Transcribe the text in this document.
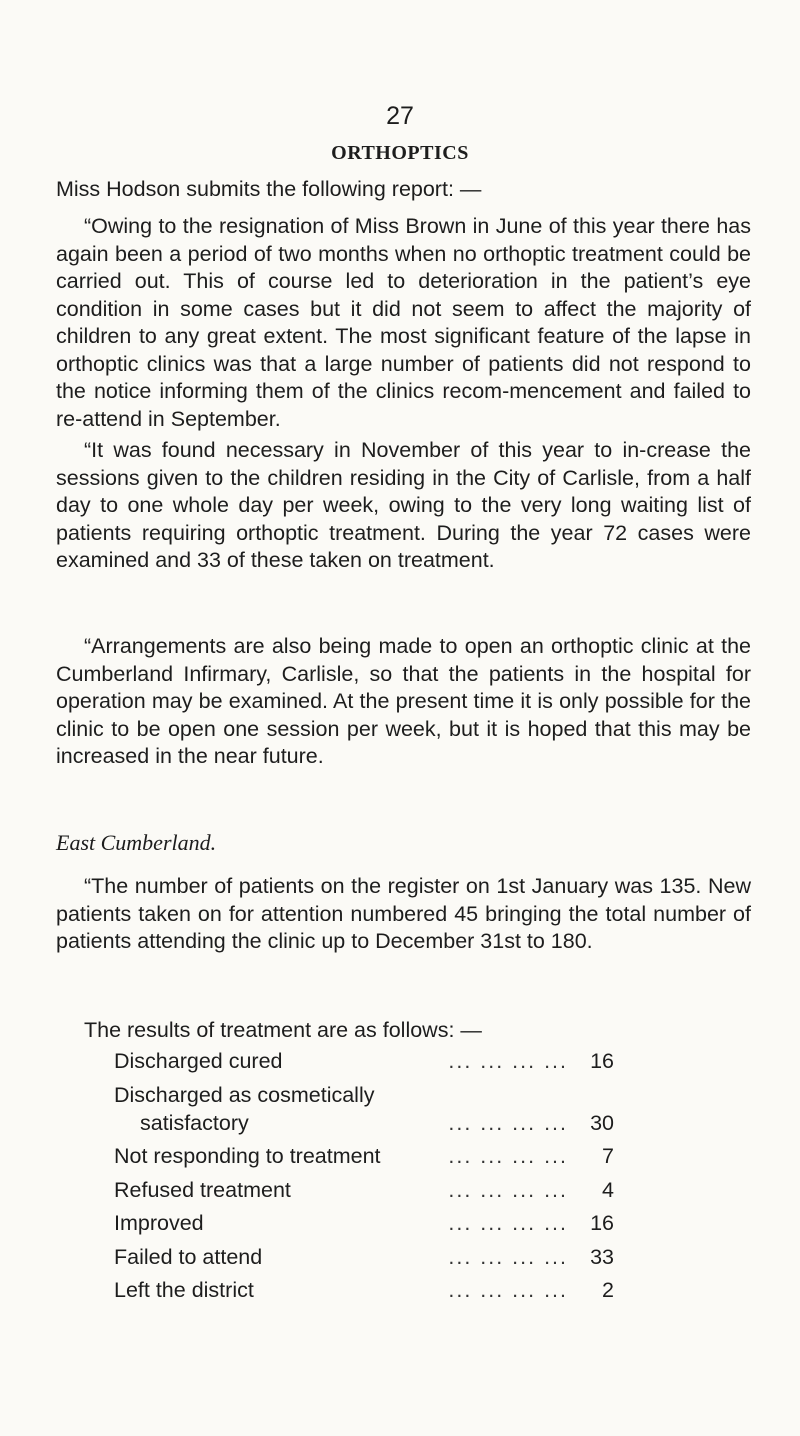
27
ORTHOPTICS
Miss Hodson submits the following report: —
“Owing to the resignation of Miss Brown in June of this year there has again been a period of two months when no orthoptic treatment could be carried out. This of course led to deterioration in the patient’s eye condition in some cases but it did not seem to affect the majority of children to any great extent. The most significant feature of the lapse in orthoptic clinics was that a large number of patients did not respond to the notice informing them of the clinics recom-mencement and failed to re-attend in September.
“It was found necessary in November of this year to in-crease the sessions given to the children residing in the City of Carlisle, from a half day to one whole day per week, owing to the very long waiting list of patients requiring orthoptic treatment. During the year 72 cases were examined and 33 of these taken on treatment.
“Arrangements are also being made to open an orthoptic clinic at the Cumberland Infirmary, Carlisle, so that the patients in the hospital for operation may be examined. At the present time it is only possible for the clinic to be open one session per week, but it is hoped that this may be increased in the near future.
East Cumberland.
“The number of patients on the register on 1st January was 135. New patients taken on for attention numbered 45 bringing the total number of patients attending the clinic up to December 31st to 180.
The results of treatment are as follows: —
Discharged cured	... ... ... ...	16
Discharged as cosmetically
satisfactory	... ... ... ...	30
Not responding to treatment	... ... ... ...	7
Refused treatment	... ... ... ...	4
Improved	... ... ... ...	16
Failed to attend	... ... ... ...	33
Left the district	... ... ... ...	2
